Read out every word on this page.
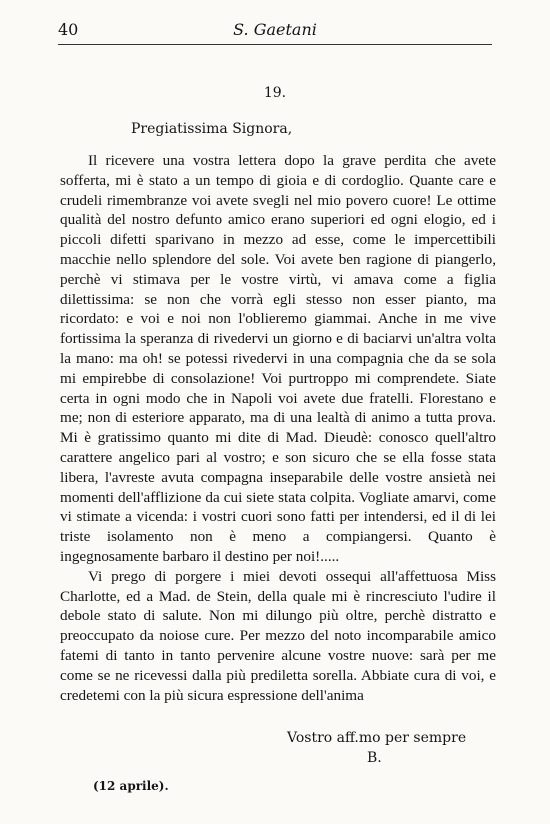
40	S. Gaetani
19.
Pregiatissima Signora,

Il ricevere una vostra lettera dopo la grave perdita che avete sofferta, mi è stato a un tempo di gioia e di cordoglio. Quante care e crudeli rimembranze voi avete svegli nel mio povero cuore! Le ottime qualità del nostro defunto amico erano superiori ed ogni elogio, ed i piccoli difetti sparivano in mezzo ad esse, come le impercettibili macchie nello splendore del sole. Voi avete ben ragione di piangerlo, perchè vi stimava per le vostre virtù, vi amava come a figlia dilettissima: se non che vorrà egli stesso non esser pianto, ma ricordato: e voi e noi non l'oblieremo giammai. Anche in me vive fortissima la speranza di rivedervi un giorno e di baciarvi un'altra volta la mano: ma oh! se potessi rivedervi in una compagnia che da se sola mi empirebbe di consolazione! Voi purtroppo mi comprendete. Siate certa in ogni modo che in Napoli voi avete due fratelli. Florestano e me; non di esteriore apparato, ma di una lealtà di animo a tutta prova. Mi è gratissimo quanto mi dite di Mad. Dieudè: conosco quell'altro carattere angelico pari al vostro; e son sicuro che se ella fosse stata libera, l'avreste avuta compagna inseparabile delle vostre ansietà nei momenti dell'afflizione da cui siete stata colpita. Vogliate amarvi, come vi stimate a vicenda: i vostri cuori sono fatti per intendersi, ed il di lei triste isolamento non è meno a compiangersi. Quanto è ingegnosamente barbaro il destino per noi!.....

Vi prego di porgere i miei devoti ossequi all'affettuosa Miss Charlotte, ed a Mad. de Stein, della quale mi è rincresciuto l'udire il debole stato di salute. Non mi dilungo più oltre, perchè distratto e preoccupato da noiose cure. Per mezzo del noto incomparabile amico fatemi di tanto in tanto pervenire alcune vostre nuove: sarà per me come se ne ricevessi dalla più prediletta sorella. Abbiate cura di voi, e credetemi con la più sicura espressione dell'anima

Vostro aff.mo per sempre
B.
(12 aprile).
